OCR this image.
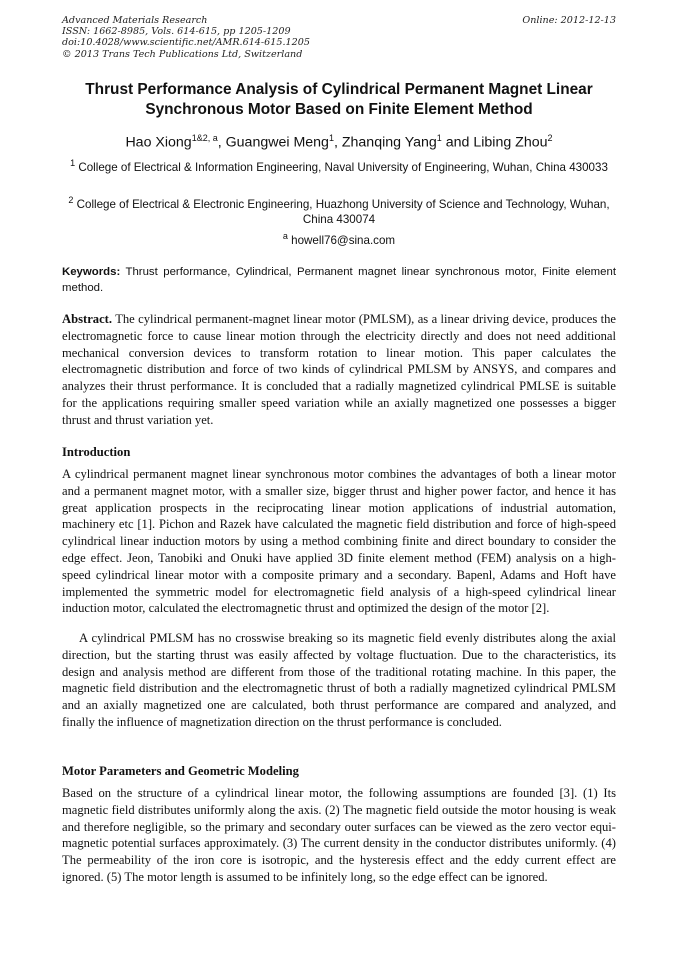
Advanced Materials Research
ISSN: 1662-8985, Vols. 614-615, pp 1205-1209
doi:10.4028/www.scientific.net/AMR.614-615.1205
© 2013 Trans Tech Publications Ltd, Switzerland
Online: 2012-12-13
Thrust Performance Analysis of Cylindrical Permanent Magnet Linear Synchronous Motor Based on Finite Element Method
Hao Xiong$^{1\&2, a}$, Guangwei Meng$^1$, Zhanqing Yang$^1$ and Libing Zhou$^2$
$^1$ College of Electrical & Information Engineering, Naval University of Engineering, Wuhan, China 430033
$^2$ College of Electrical & Electronic Engineering, Huazhong University of Science and Technology, Wuhan, China 430074
$^a$ howell76@sina.com
Keywords: Thrust performance, Cylindrical, Permanent magnet linear synchronous motor, Finite element method.

Abstract. The cylindrical permanent-magnet linear motor (PMLSM), as a linear driving device, produces the electromagnetic force to cause linear motion through the electricity directly and does not need additional mechanical conversion devices to transform rotation to linear motion. This paper calculates the electromagnetic distribution and force of two kinds of cylindrical PMLSM by ANSYS, and compares and analyzes their thrust performance. It is concluded that a radially magnetized cylindrical PMLSE is suitable for the applications requiring smaller speed variation while an axially magnetized one possesses a bigger thrust and thrust variation yet.

Introduction

A cylindrical permanent magnet linear synchronous motor combines the advantages of both a linear motor and a permanent magnet motor, with a smaller size, bigger thrust and higher power factor, and hence it has great application prospects in the reciprocating linear motion applications of industrial automation, machinery etc [1]. Pichon and Razek have calculated the magnetic field distribution and force of high-speed cylindrical linear induction motors by using a method combining finite and direct boundary to consider the edge effect. Jeon, Tanobiki and Onuki have applied 3D finite element method (FEM) analysis on a high-speed cylindrical linear motor with a composite primary and a secondary. Bapenl, Adams and Hoft have implemented the symmetric model for electromagnetic field analysis of a high-speed cylindrical linear induction motor, calculated the electromagnetic thrust and optimized the design of the motor [2].

A cylindrical PMLSM has no crosswise breaking so its magnetic field evenly distributes along the axial direction, but the starting thrust was easily affected by voltage fluctuation. Due to the characteristics, its design and analysis method are different from those of the traditional rotating machine. In this paper, the magnetic field distribution and the electromagnetic thrust of both a radially magnetized cylindrical PMLSM and an axially magnetized one are calculated, both thrust performance are compared and analyzed, and finally the influence of magnetization direction on the thrust performance is concluded.

Motor Parameters and Geometric Modeling

Based on the structure of a cylindrical linear motor, the following assumptions are founded [3]. (1) Its magnetic field distributes uniformly along the axis. (2) The magnetic field outside the motor housing is weak and therefore negligible, so the primary and secondary outer surfaces can be viewed as the zero vector equi-magnetic potential surfaces approximately. (3) The current density in the conductor distributes uniformly. (4) The permeability of the iron core is isotropic, and the hysteresis effect and the eddy current effect are ignored. (5) The motor length is assumed to be infinitely long, so the edge effect can be ignored.
